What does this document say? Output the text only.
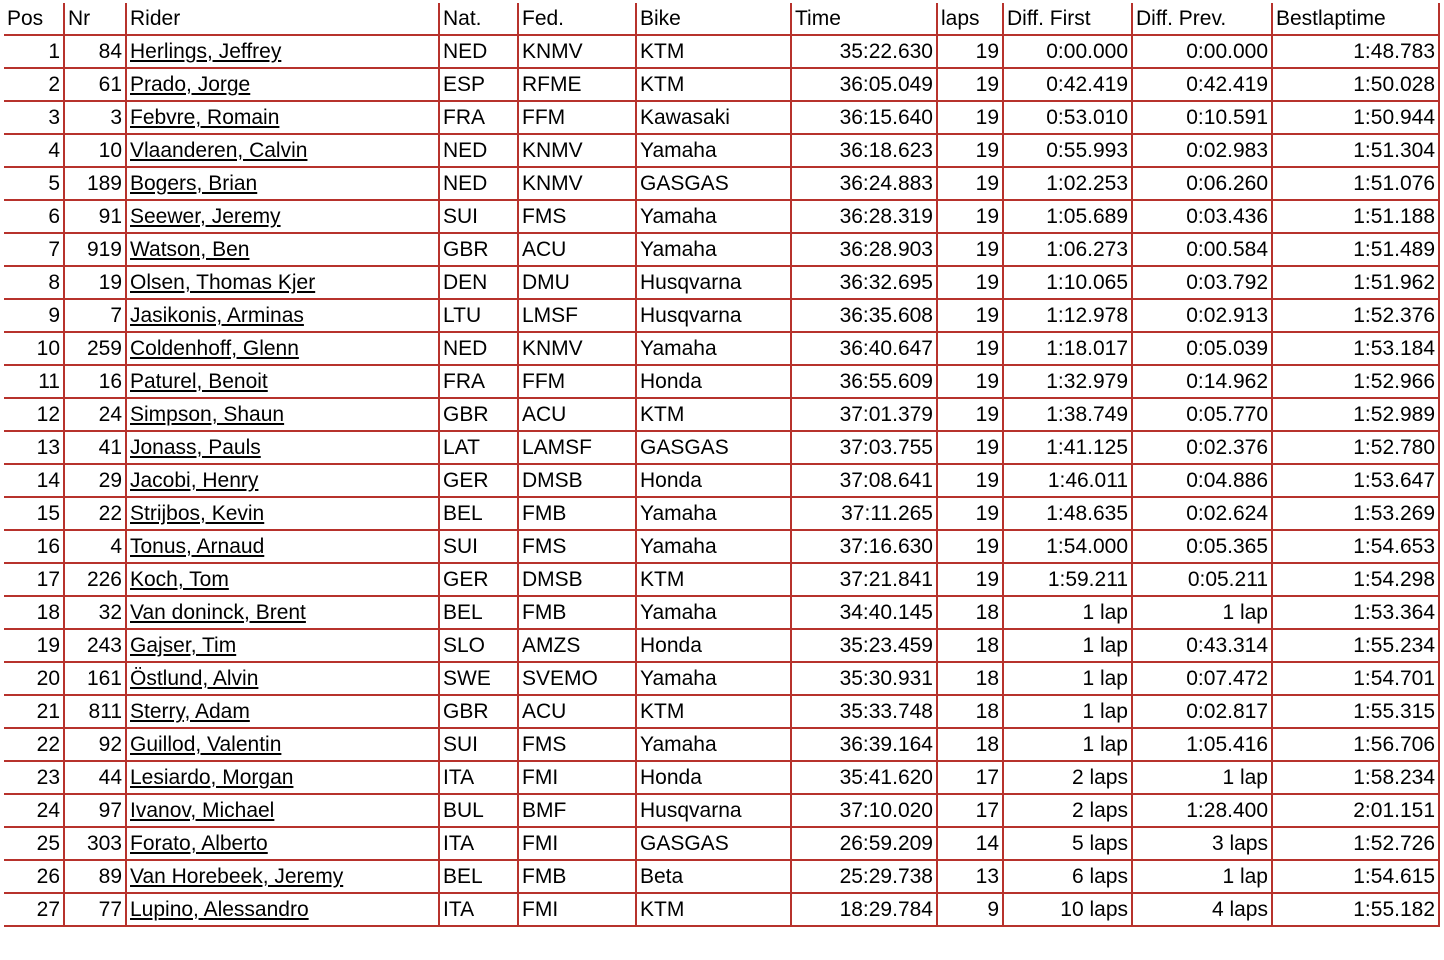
Pos	Nr	Rider	Nat.	Fed.	Bike	Time	laps	Diff. First	Diff. Prev.	Bestlaptime
1	84	Herlings, Jeffrey	NED	KNMV	KTM	35:22.630	19	0:00.000	0:00.000	1:48.783
2	61	Prado, Jorge	ESP	RFME	KTM	36:05.049	19	0:42.419	0:42.419	1:50.028
3	3	Febvre, Romain	FRA	FFM	Kawasaki	36:15.640	19	0:53.010	0:10.591	1:50.944
4	10	Vlaanderen, Calvin	NED	KNMV	Yamaha	36:18.623	19	0:55.993	0:02.983	1:51.304
5	189	Bogers, Brian	NED	KNMV	GASGAS	36:24.883	19	1:02.253	0:06.260	1:51.076
6	91	Seewer, Jeremy	SUI	FMS	Yamaha	36:28.319	19	1:05.689	0:03.436	1:51.188
7	919	Watson, Ben	GBR	ACU	Yamaha	36:28.903	19	1:06.273	0:00.584	1:51.489
8	19	Olsen, Thomas Kjer	DEN	DMU	Husqvarna	36:32.695	19	1:10.065	0:03.792	1:51.962
9	7	Jasikonis, Arminas	LTU	LMSF	Husqvarna	36:35.608	19	1:12.978	0:02.913	1:52.376
10	259	Coldenhoff, Glenn	NED	KNMV	Yamaha	36:40.647	19	1:18.017	0:05.039	1:53.184
11	16	Paturel, Benoit	FRA	FFM	Honda	36:55.609	19	1:32.979	0:14.962	1:52.966
12	24	Simpson, Shaun	GBR	ACU	KTM	37:01.379	19	1:38.749	0:05.770	1:52.989
13	41	Jonass, Pauls	LAT	LAMSF	GASGAS	37:03.755	19	1:41.125	0:02.376	1:52.780
14	29	Jacobi, Henry	GER	DMSB	Honda	37:08.641	19	1:46.011	0:04.886	1:53.647
15	22	Strijbos, Kevin	BEL	FMB	Yamaha	37:11.265	19	1:48.635	0:02.624	1:53.269
16	4	Tonus, Arnaud	SUI	FMS	Yamaha	37:16.630	19	1:54.000	0:05.365	1:54.653
17	226	Koch, Tom	GER	DMSB	KTM	37:21.841	19	1:59.211	0:05.211	1:54.298
18	32	Van doninck, Brent	BEL	FMB	Yamaha	34:40.145	18	1 lap	1 lap	1:53.364
19	243	Gajser, Tim	SLO	AMZS	Honda	35:23.459	18	1 lap	0:43.314	1:55.234
20	161	Östlund, Alvin	SWE	SVEMO	Yamaha	35:30.931	18	1 lap	0:07.472	1:54.701
21	811	Sterry, Adam	GBR	ACU	KTM	35:33.748	18	1 lap	0:02.817	1:55.315
22	92	Guillod, Valentin	SUI	FMS	Yamaha	36:39.164	18	1 lap	1:05.416	1:56.706
23	44	Lesiardo, Morgan	ITA	FMI	Honda	35:41.620	17	2 laps	1 lap	1:58.234
24	97	Ivanov, Michael	BUL	BMF	Husqvarna	37:10.020	17	2 laps	1:28.400	2:01.151
25	303	Forato, Alberto	ITA	FMI	GASGAS	26:59.209	14	5 laps	3 laps	1:52.726
26	89	Van Horebeek, Jeremy	BEL	FMB	Beta	25:29.738	13	6 laps	1 lap	1:54.615
27	77	Lupino, Alessandro	ITA	FMI	KTM	18:29.784	9	10 laps	4 laps	1:55.182
